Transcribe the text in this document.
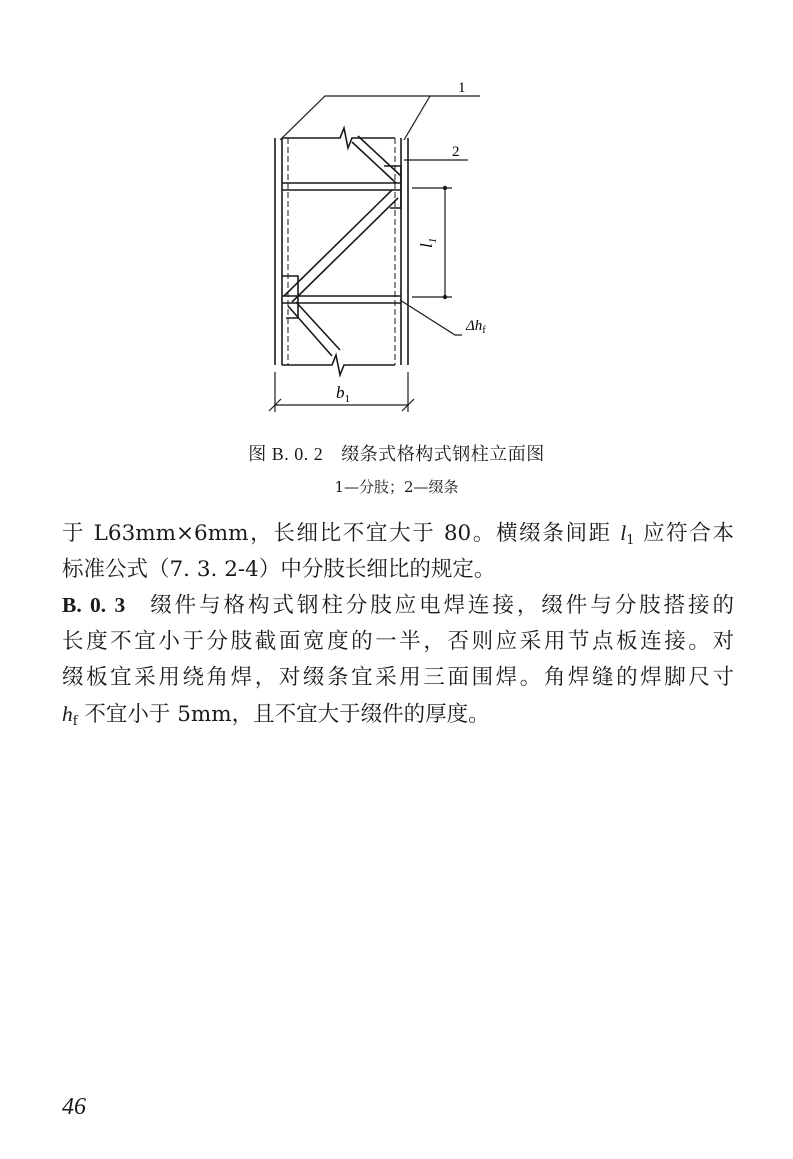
1
2
$l_1$
$b_1$
$\Delta h_f$
图 B. 0. 2 缀条式格构式钢柱立面图
1—分肢；2—缀条
于 L63mm×6mm，长细比不宜大于 80。横缀条间距 $l_1$ 应符合本
标准公式（7. 3. 2-4）中分肢长细比的规定。
B. 0. 3 缀件与格构式钢柱分肢应电焊连接，缀件与分肢搭接的
长度不宜小于分肢截面宽度的一半，否则应采用节点板连接。对
缀板宜采用绕角焊，对缀条宜采用三面围焊。角焊缝的焊脚尺寸
$h_f$ 不宜小于 5mm，且不宜大于缀件的厚度。
46
